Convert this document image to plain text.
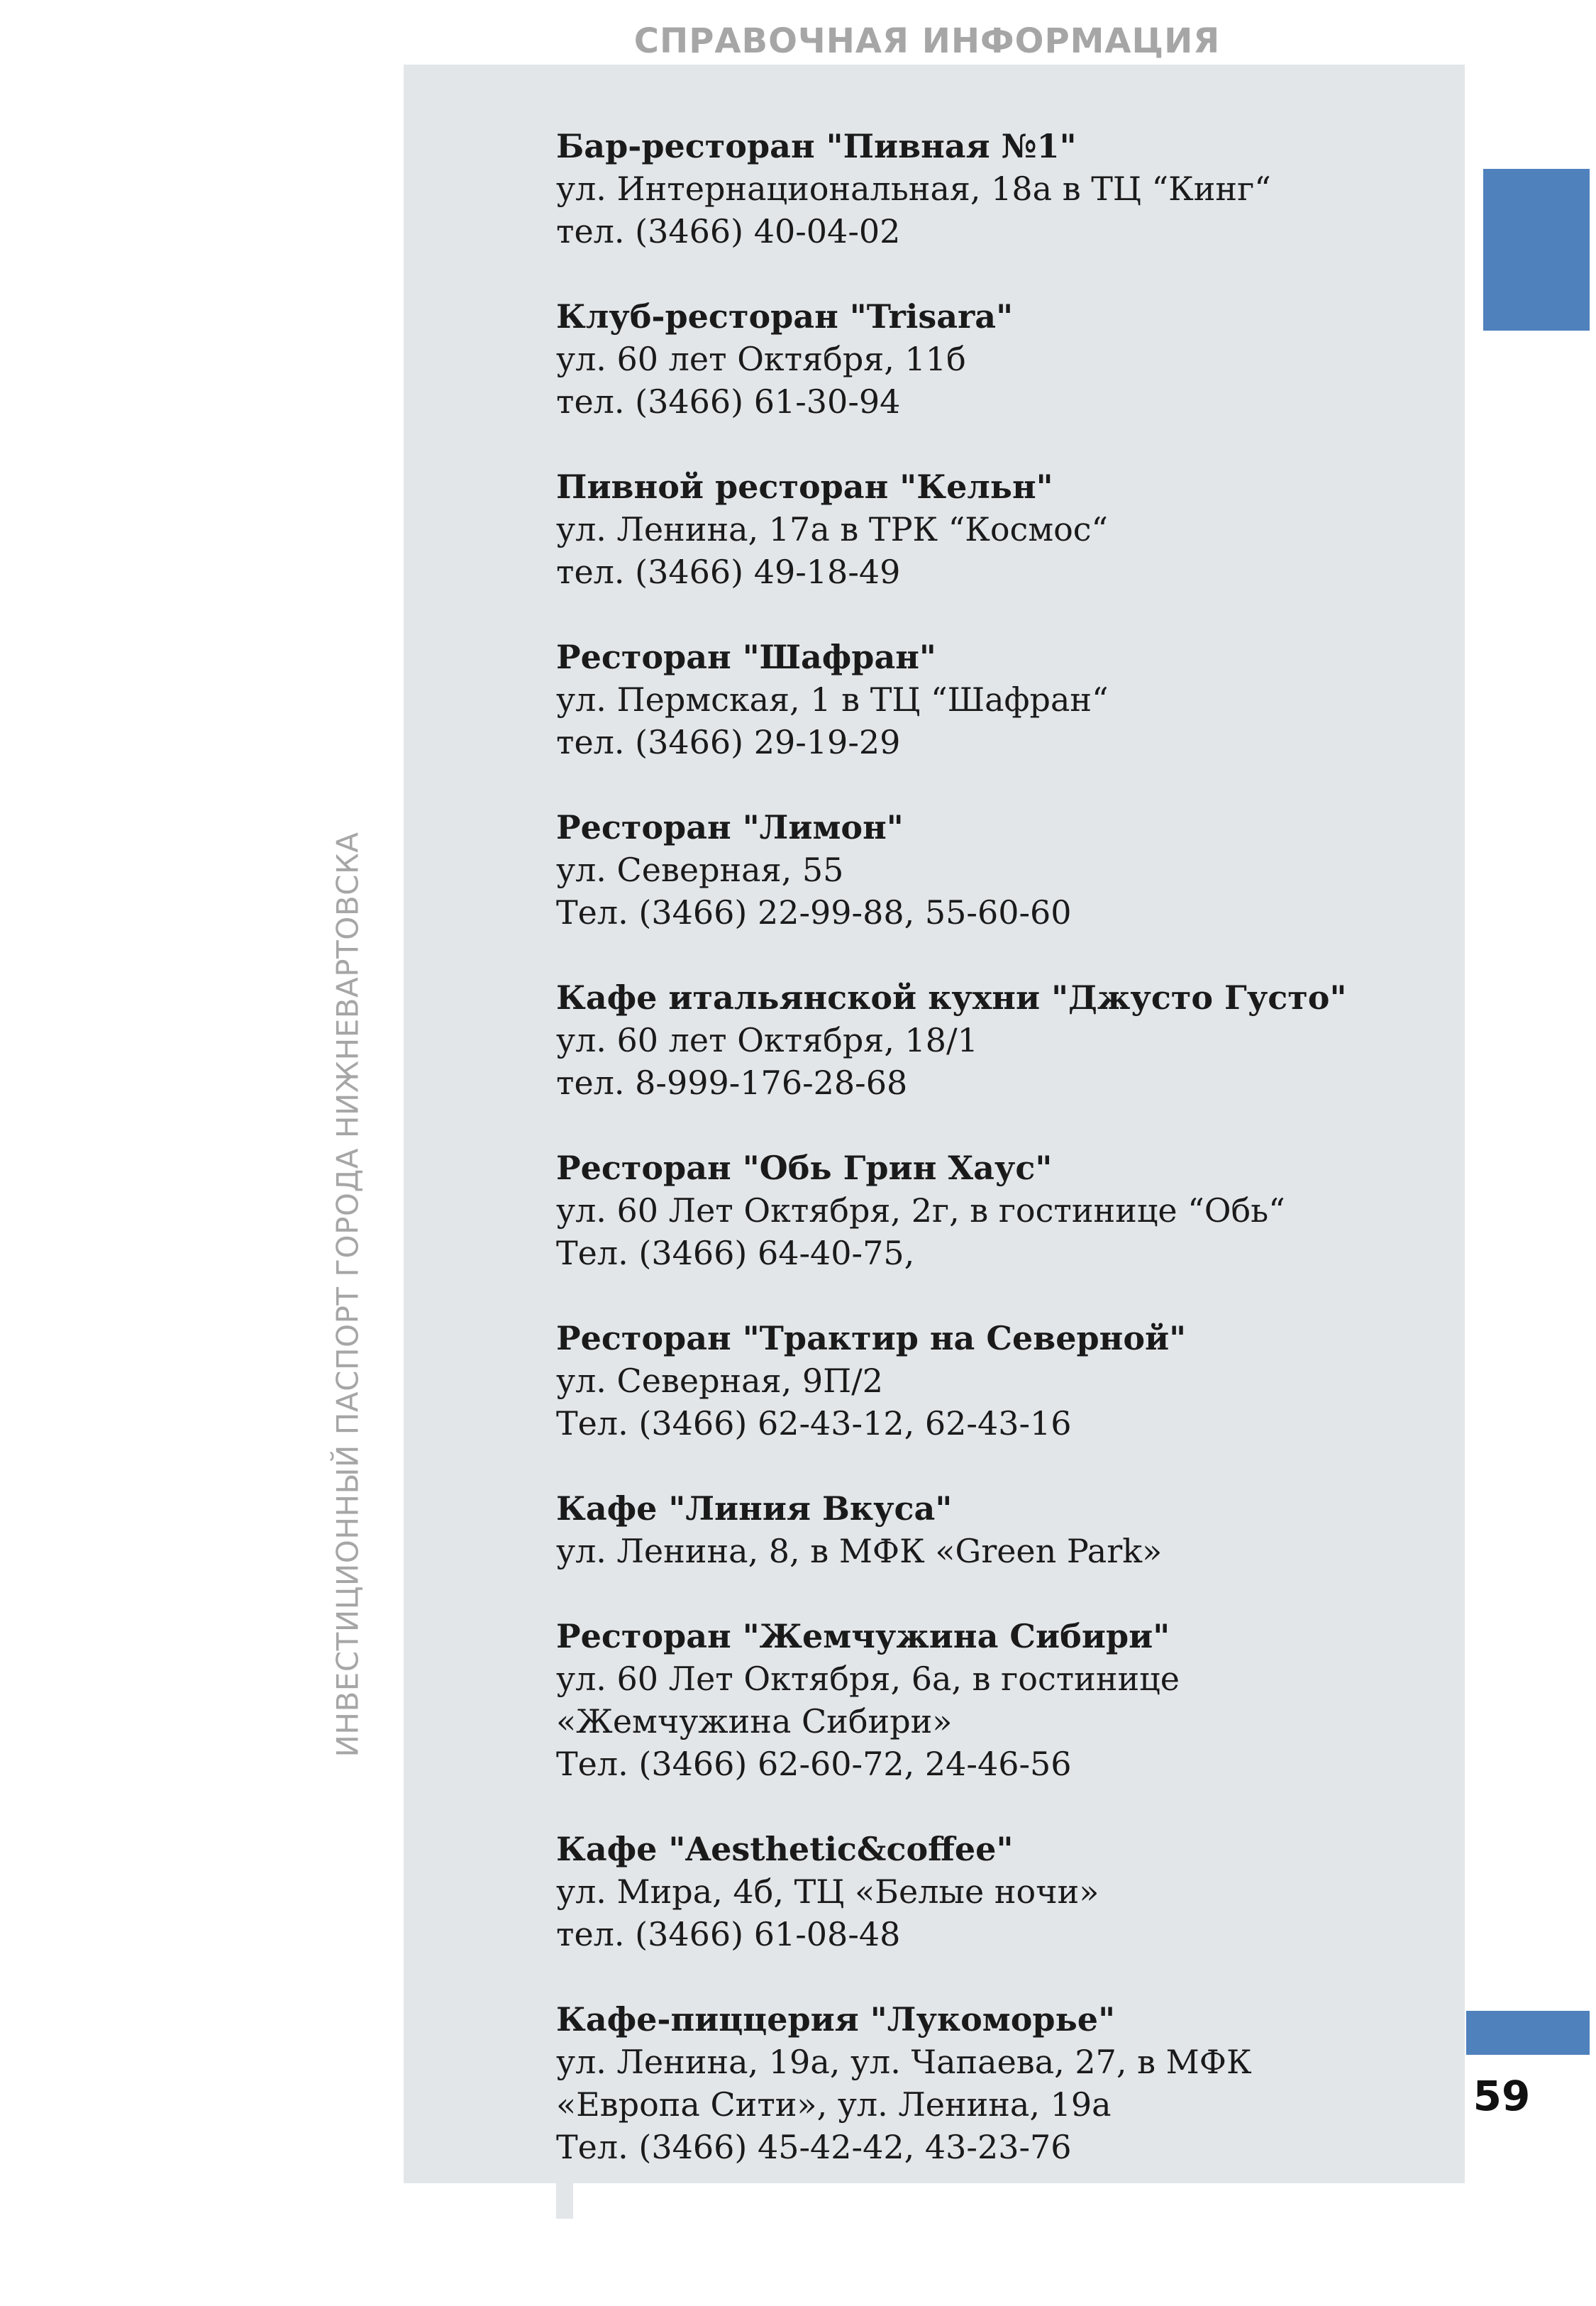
СПРАВОЧНАЯ ИНФОРМАЦИЯ
ИНВЕСТИЦИОННЫЙ ПАСПОРТ ГОРОДА НИЖНЕВАРТОВСКА
59

Бар-ресторан "Пивная №1"

ул. Интернациональная, 18а в ТЦ “Кинг“

тел. (3466) 40-04-02

Клуб-ресторан "Trisara"

ул. 60 лет Октября, 11б

тел. (3466) 61-30-94

Пивной ресторан "Кельн"

ул. Ленина, 17а в ТРК “Космос“

тел. (3466) 49-18-49

Ресторан "Шафран"

ул. Пермская, 1 в ТЦ “Шафран“

тел. (3466) 29-19-29

Ресторан "Лимон"

ул. Северная, 55

Тел. (3466) 22-99-88, 55-60-60

Кафе итальянской кухни "Джусто Густо"

ул. 60 лет Октября, 18/1

тел. 8-999-176-28-68

Ресторан "Обь Грин Хаус"

ул. 60 Лет Октября, 2г, в гостинице “Обь“

Тел. (3466) 64-40-75,

Ресторан "Трактир на Северной"

ул. Северная, 9П/2

Тел. (3466) 62-43-12, 62-43-16

Кафе "Линия Вкуса"

ул. Ленина, 8, в МФК «Green Park»

Ресторан "Жемчужина Сибири"

ул. 60 Лет Октября, 6а, в гостинице

«Жемчужина Сибири»

Тел. (3466) 62-60-72, 24-46-56

Кафе "Aesthetic&coffee"

ул. Мира, 4б, ТЦ «Белые ночи»

тел. (3466) 61-08-48

Кафе-пиццерия "Лукоморье"

ул. Ленина, 19а, ул. Чапаева, 27, в МФК

«Европа Сити», ул. Ленина, 19а

Тел. (3466) 45-42-42, 43-23-76
